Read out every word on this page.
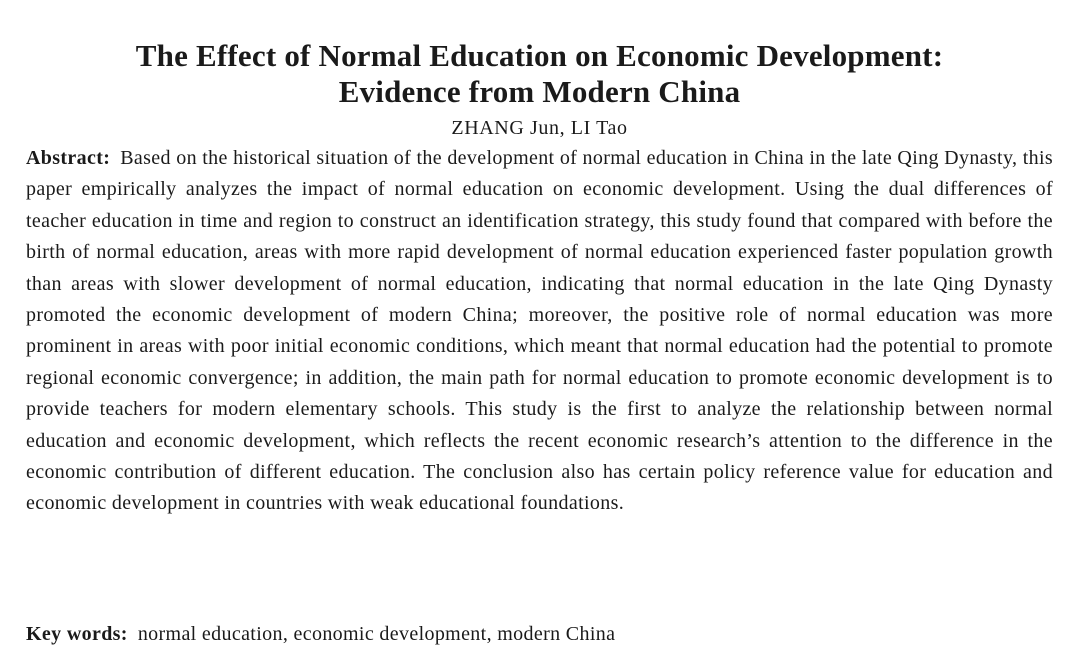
The Effect of Normal Education on Economic Development:
Evidence from Modern China
ZHANG Jun, LI Tao
Abstract: Based on the historical situation of the development of normal education in China in the late Qing Dynasty, this paper empirically analyzes the impact of normal education on economic development. Using the dual differences of teacher education in time and region to construct an identification strategy, this study found that compared with before the birth of normal education, areas with more rapid development of normal education experienced faster population growth than areas with slower development of normal education, indicating that normal education in the late Qing Dynasty promoted the economic development of modern China; moreover, the positive role of normal education was more prominent in areas with poor initial economic conditions, which meant that normal education had the potential to promote regional economic convergence; in addition, the main path for normal education to promote economic development is to provide teachers for modern elementary schools. This study is the first to analyze the relationship between normal education and economic development, which reflects the recent economic research’s attention to the difference in the economic contribution of different education. The conclusion also has certain policy reference value for education and economic development in countries with weak educational foundations.
Key words: normal education, economic development, modern China
